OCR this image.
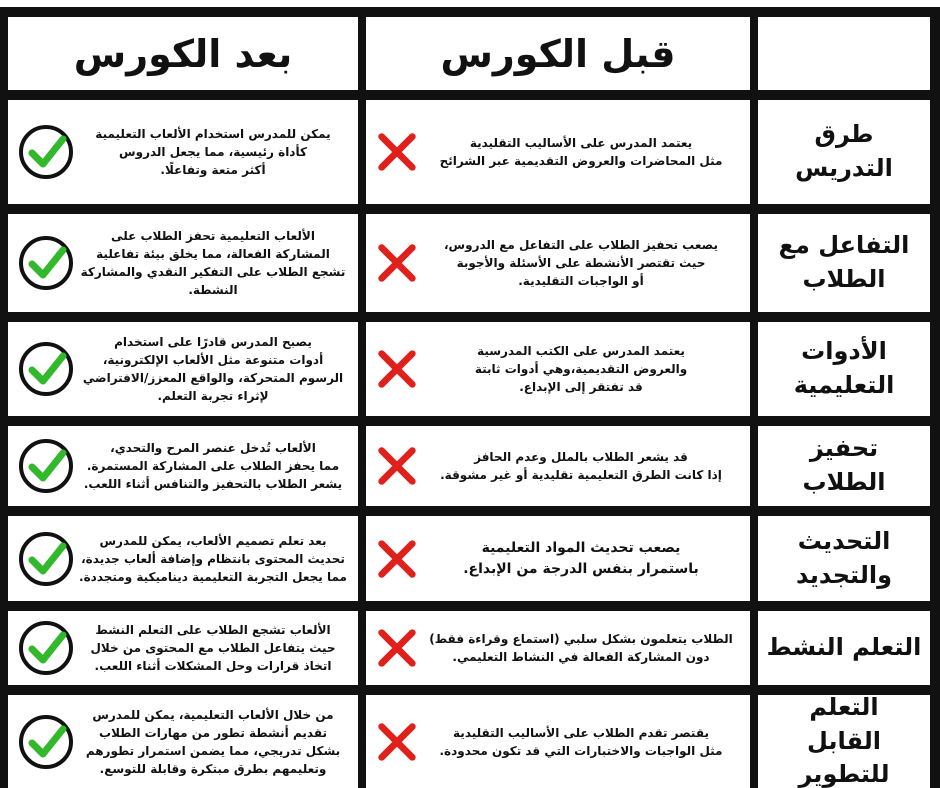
قبل الكورس
بعد الكورس
طرق التدريس
يعتمد المدرس على الأساليب التقليدية
مثل المحاضرات والعروض التقديمية عبر الشرائح
يمكن للمدرس استخدام الألعاب التعليمية
كأداة رئيسية، مما يجعل الدروس
أكثر متعة وتفاعلًا.
التفاعل مع
الطلاب
يصعب تحفيز الطلاب على التفاعل مع الدروس،
حيث تقتصر الأنشطة على الأسئلة والأجوبة
أو الواجبات التقليدية.
الألعاب التعليمية تحفز الطلاب على
المشاركة الفعالة، مما يخلق بيئة تفاعلية
تشجع الطلاب على التفكير النقدي والمشاركة
النشطة.
الأدوات
التعليمية
يعتمد المدرس على الكتب المدرسية
والعروض التقديمية،وهي أدوات ثابتة
قد تفتقر إلى الإبداع.
يصبح المدرس قادرًا على استخدام
أدوات متنوعة مثل الألعاب الإلكترونية،
الرسوم المتحركة، والواقع المعزز/الافتراضي
لإثراء تجربة التعلم.
تحفيز الطلاب
قد يشعر الطلاب بالملل وعدم الحافز
إذا كانت الطرق التعليمية تقليدية أو غير مشوقة.
الألعاب تُدخل عنصر المرح والتحدي،
مما يحفز الطلاب على المشاركة المستمرة.
يشعر الطلاب بالتحفيز والتنافس أثناء اللعب.
التحديث
والتجديد
يصعب تحديث المواد التعليمية
باستمرار بنفس الدرجة من الإبداع.
بعد تعلم تصميم الألعاب، يمكن للمدرس
تحديث المحتوى بانتظام وإضافة ألعاب جديدة،
مما يجعل التجربة التعليمية ديناميكية ومتجددة.
التعلم النشط
الطلاب يتعلمون بشكل سلبي (استماع وقراءة فقط)
دون المشاركة الفعالة في النشاط التعليمي.
الألعاب تشجع الطلاب على التعلم النشط
حيث يتفاعل الطلاب مع المحتوى من خلال
اتخاذ قرارات وحل المشكلات أثناء اللعب.
التعلم
القابل للتطوير
يقتصر تقدم الطلاب على الأساليب التقليدية
مثل الواجبات والاختبارات التي قد تكون محدودة.
من خلال الألعاب التعليمية، يمكن للمدرس
تقديم أنشطة تطور من مهارات الطلاب
بشكل تدريجي، مما يضمن استمرار تطورهم
وتعليمهم بطرق مبتكرة وقابلة للتوسع.
